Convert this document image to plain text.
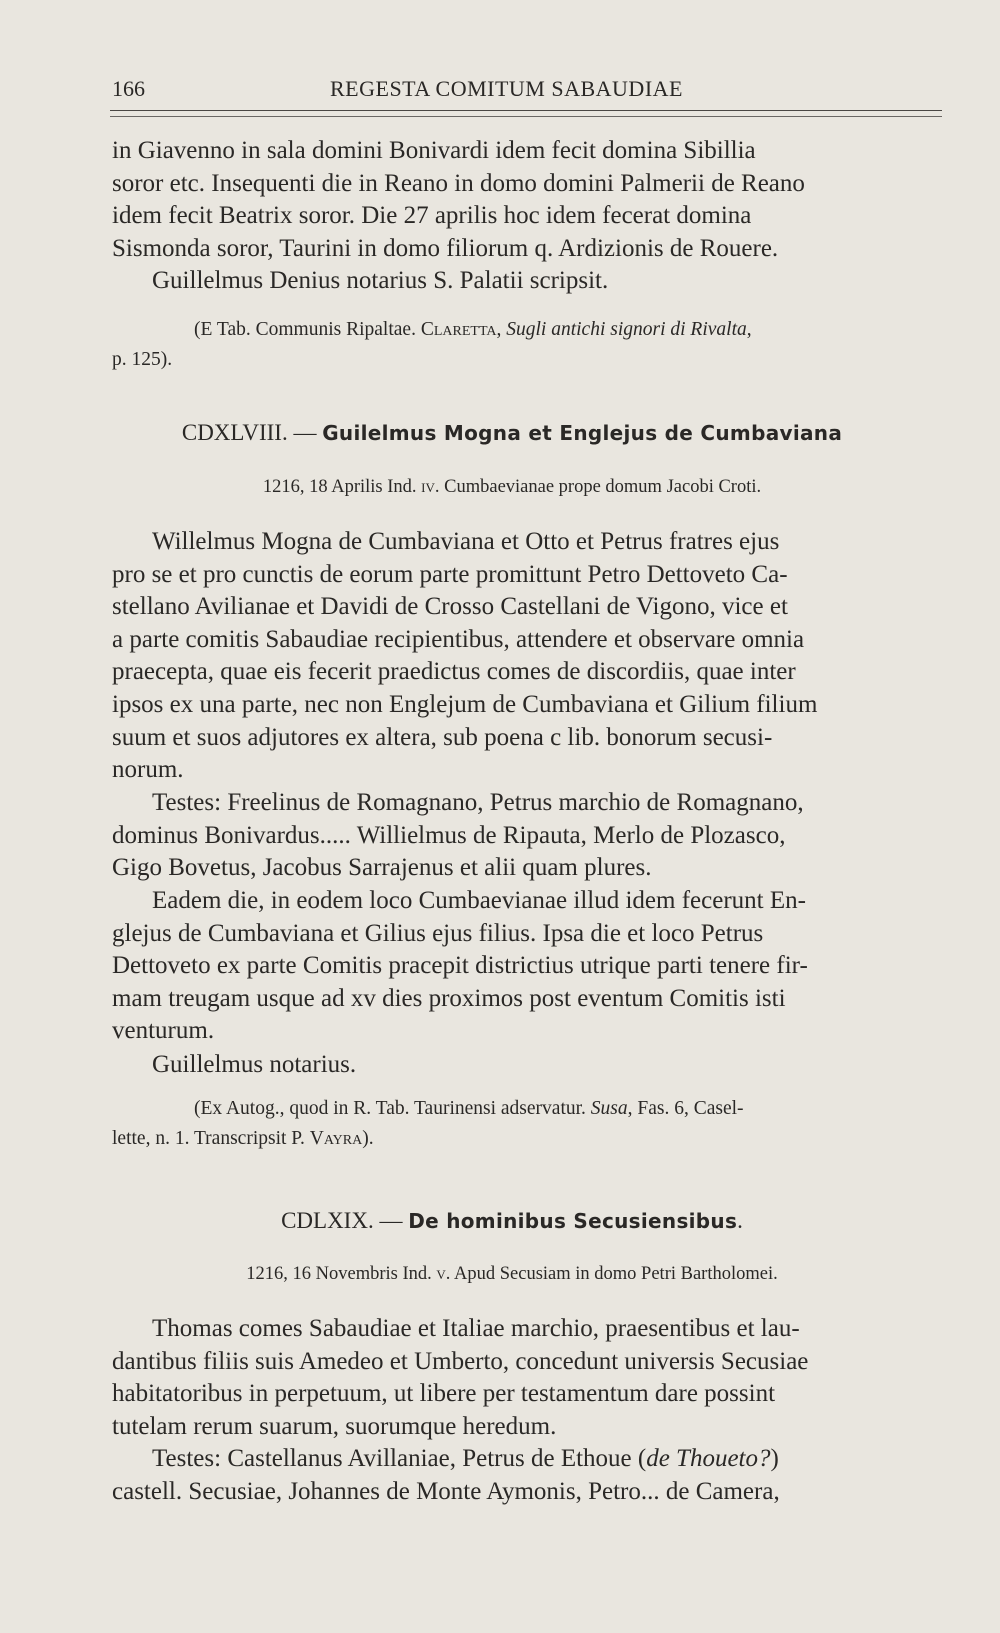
166	REGESTA COMITUM SABAUDIAE
in Giavenno in sala domini Bonivardi idem fecit domina Sibillia
soror etc. Insequenti die in Reano in domo domini Palmerii de Reano
idem fecit Beatrix soror. Die 27 aprilis hoc idem fecerat domina
Sismonda soror, Taurini in domo filiorum q. Ardizionis de Rouere.
Guillelmus Denius notarius S. Palatii scripsit.
(E Tab. Communis Ripaltae. Claretta, Sugli antichi signori di Rivalta,
p. 125).
CDXLVIII. — Guilelmus Mogna et Englejus de Cumbaviana
1216, 18 Aprilis Ind. iv. Cumbaevianae prope domum Jacobi Croti.
Willelmus Mogna de Cumbaviana et Otto et Petrus fratres ejus
pro se et pro cunctis de eorum parte promittunt Petro Dettoveto Ca-
stellano Avilianae et Davidi de Crosso Castellani de Vigono, vice et
a parte comitis Sabaudiae recipientibus, attendere et observare omnia
praecepta, quae eis fecerit praedictus comes de discordiis, quae inter
ipsos ex una parte, nec non Englejum de Cumbaviana et Gilium filium
suum et suos adjutores ex altera, sub poena c lib. bonorum secusi-
norum.
Testes: Freelinus de Romagnano, Petrus marchio de Romagnano,
dominus Bonivardus..... Willielmus de Ripauta, Merlo de Plozasco,
Gigo Bovetus, Jacobus Sarrajenus et alii quam plures.
Eadem die, in eodem loco Cumbaevianae illud idem fecerunt En-
glejus de Cumbaviana et Gilius ejus filius. Ipsa die et loco Petrus
Dettoveto ex parte Comitis pracepit districtius utrique parti tenere fir-
mam treugam usque ad xv dies proximos post eventum Comitis isti
venturum.
Guillelmus notarius.
(Ex Autog., quod in R. Tab. Taurinensi adservatur. Susa, Fas. 6, Casel-
lette, n. 1. Transcripsit P. Vayra).
CDLXIX. — De hominibus Secusiensibus.
1216, 16 Novembris Ind. v. Apud Secusiam in domo Petri Bartholomei.
Thomas comes Sabaudiae et Italiae marchio, praesentibus et lau-
dantibus filiis suis Amedeo et Umberto, concedunt universis Secusiae
habitatoribus in perpetuum, ut libere per testamentum dare possint
tutelam rerum suarum, suorumque heredum.
Testes: Castellanus Avillaniae, Petrus de Ethoue (de Thoueto?)
castell. Secusiae, Johannes de Monte Aymonis, Petro... de Camera,
